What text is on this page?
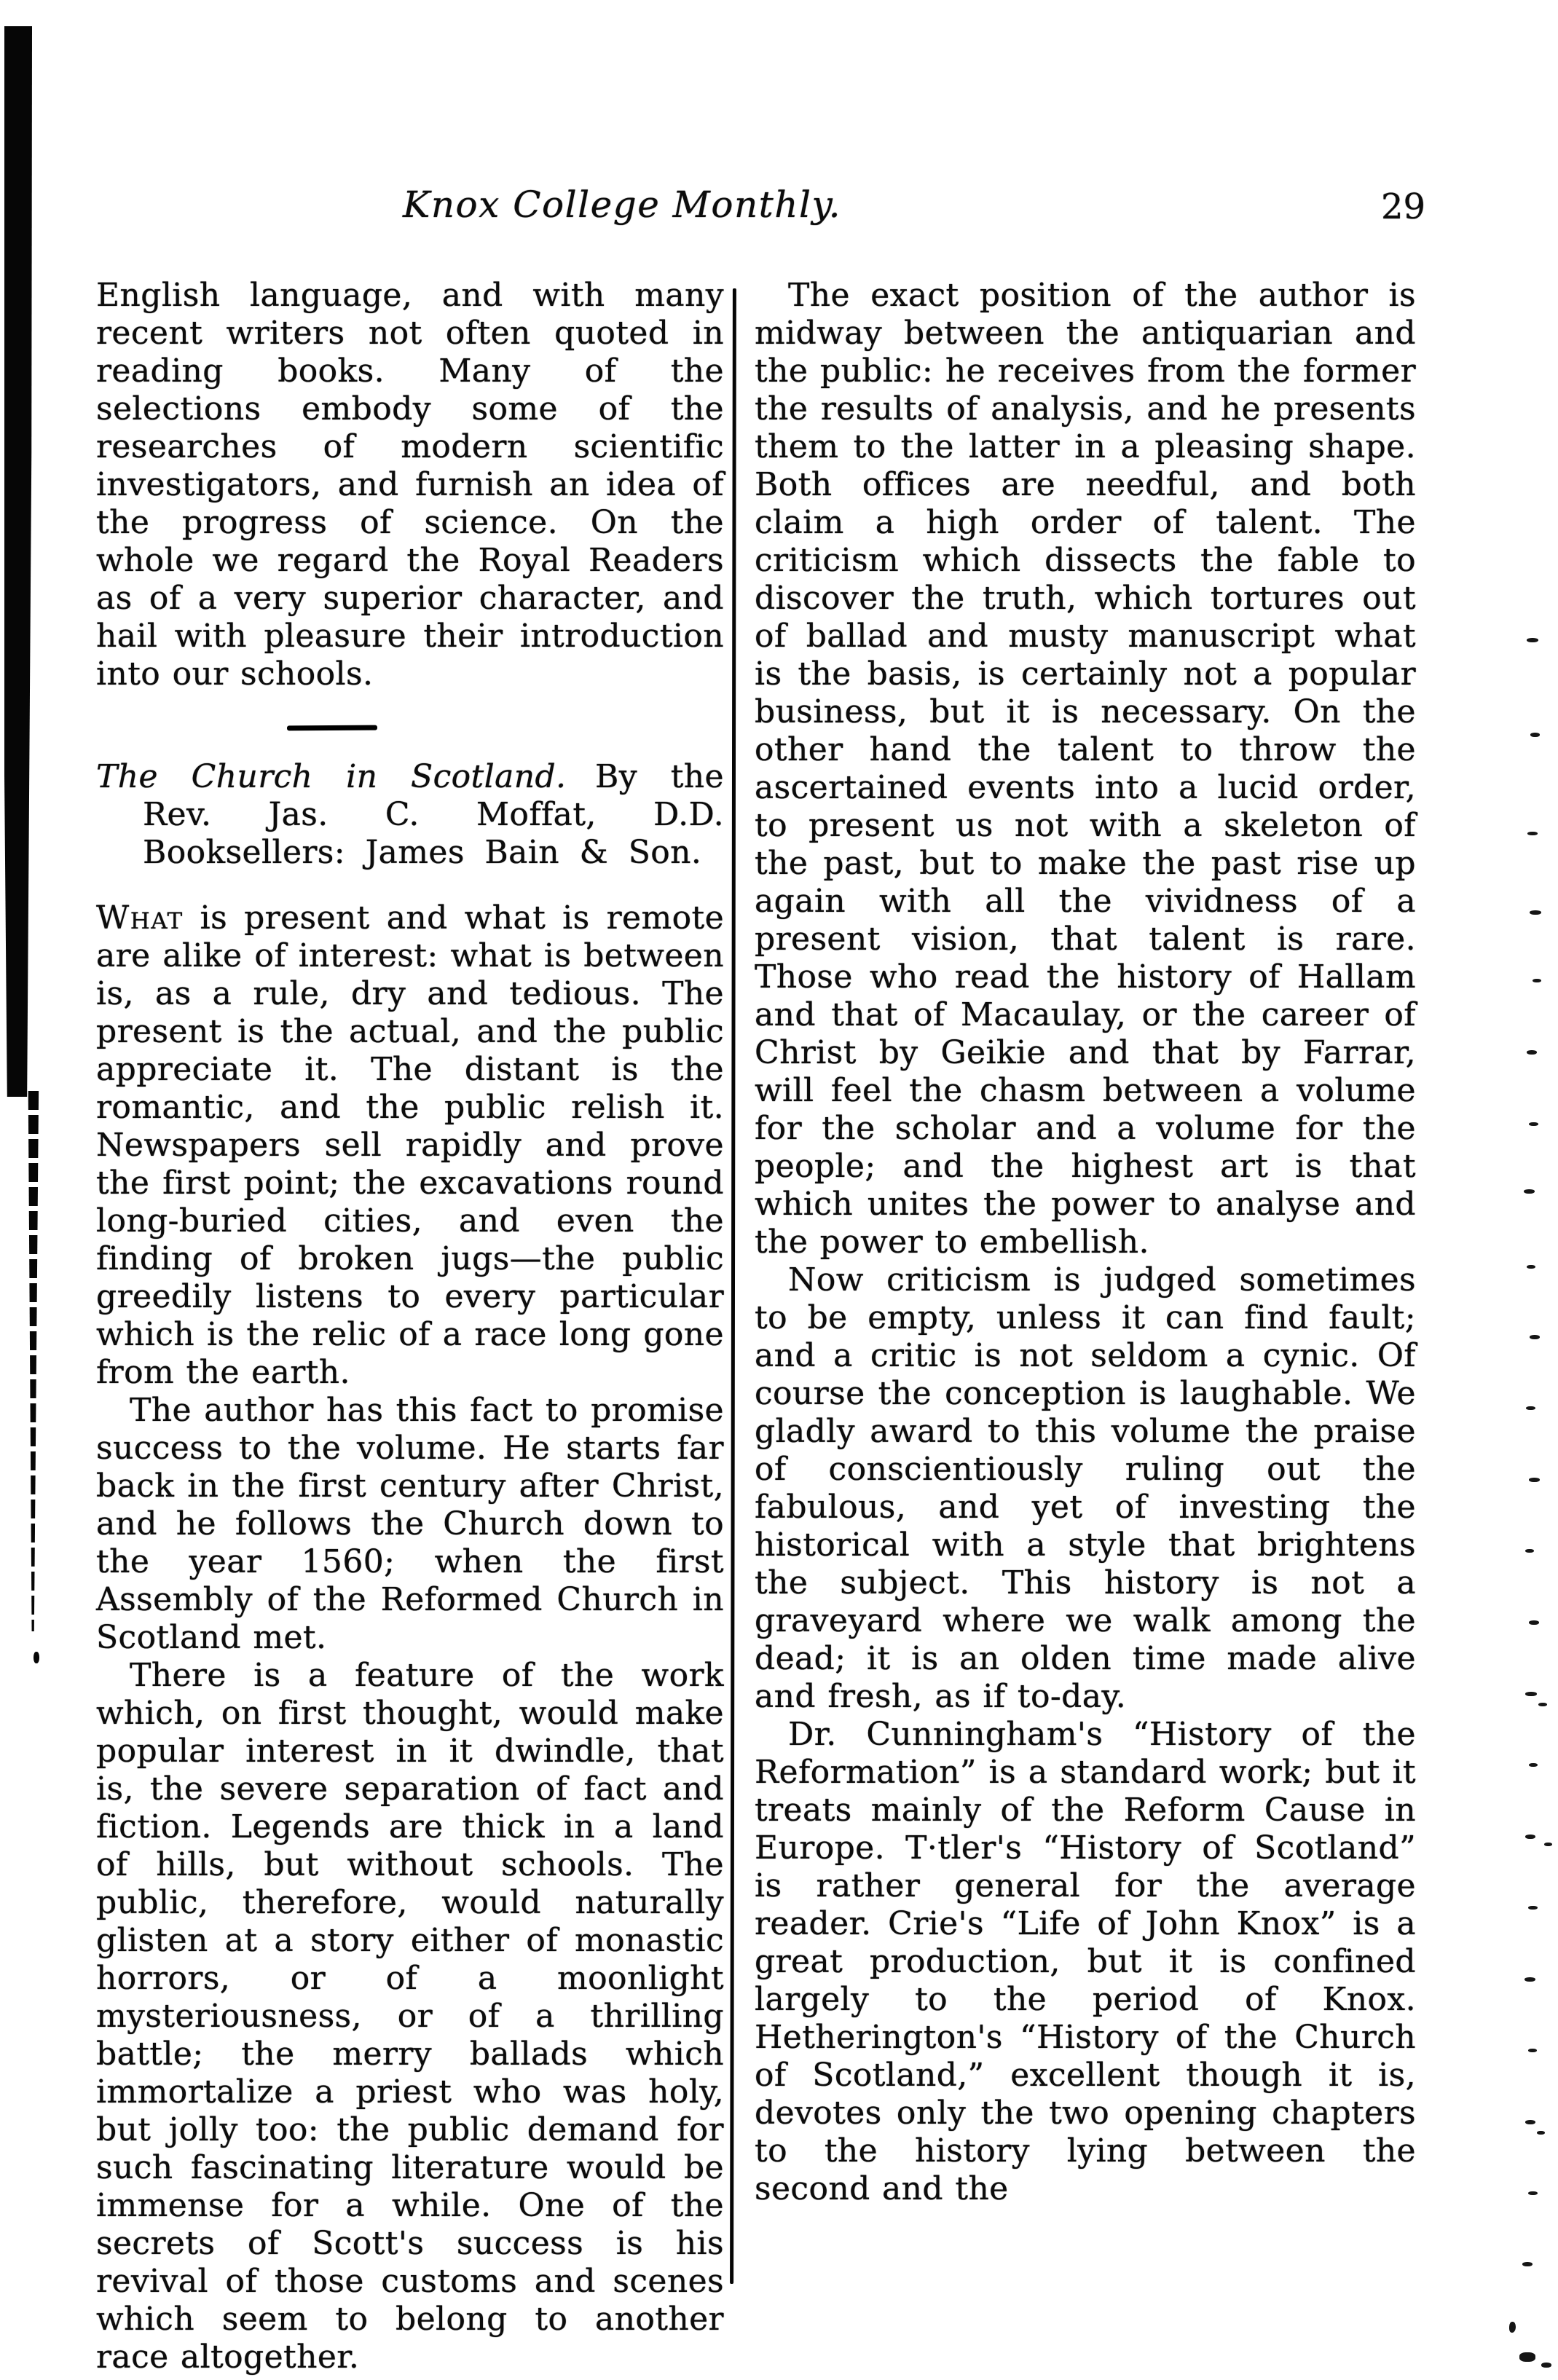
Knox College Monthly.	29

English language, and with many recent writers not often quoted in reading books. Many of the selections embody some of the researches of modern scientific investigators, and furnish an idea of the progress of science. On the whole we regard the Royal Readers as of a very superior character, and hail with pleasure their introduction into our schools.

The Church in Scotland. By the Rev. Jas. C. Moffat, D.D. Booksellers: James Bain & Son.

What is present and what is remote are alike of interest: what is between is, as a rule, dry and tedious. The present is the actual, and the public appreciate it. The distant is the romantic, and the public relish it. Newspapers sell rapidly and prove the first point; the excavations round long-buried cities, and even the finding of broken jugs—the public greedily listens to every particular which is the relic of a race long gone from the earth.

The author has this fact to promise success to the volume. He starts far back in the first century after Christ, and he follows the Church down to the year 1560; when the first Assembly of the Reformed Church in Scotland met.

There is a feature of the work which, on first thought, would make popular interest in it dwindle, that is, the severe separation of fact and fiction. Legends are thick in a land of hills, but without schools. The public, therefore, would naturally glisten at a story either of monastic horrors, or of a moonlight mysteriousness, or of a thrilling battle; the merry ballads which immortalize a priest who was holy, but jolly too: the public demand for such fascinating literature would be immense for a while. One of the secrets of Scott's success is his revival of those customs and scenes which seem to belong to another race altogether.

The exact position of the author is midway between the antiquarian and the public: he receives from the former the results of analysis, and he presents them to the latter in a pleasing shape. Both offices are needful, and both claim a high order of talent. The criticism which dissects the fable to discover the truth, which tortures out of ballad and musty manuscript what is the basis, is certainly not a popular business, but it is necessary. On the other hand the talent to throw the ascertained events into a lucid order, to present us not with a skeleton of the past, but to make the past rise up again with all the vividness of a present vision, that talent is rare. Those who read the history of Hallam and that of Macaulay, or the career of Christ by Geikie and that by Farrar, will feel the chasm between a volume for the scholar and a volume for the people; and the highest art is that which unites the power to analyse and the power to embellish.

Now criticism is judged sometimes to be empty, unless it can find fault; and a critic is not seldom a cynic. Of course the conception is laughable. We gladly award to this volume the praise of conscientiously ruling out the fabulous, and yet of investing the historical with a style that brightens the subject. This history is not a graveyard where we walk among the dead; it is an olden time made alive and fresh, as if to-day.

Dr. Cunningham's “History of the Reformation” is a standard work; but it treats mainly of the Reform Cause in Europe. T·tler's “History of Scotland” is rather general for the average reader. Crie's “Life of John Knox” is a great production, but it is confined largely to the period of Knox. Hetherington's “History of the Church of Scotland,” excellent though it is, devotes only the two opening chapters to the history lying between the second and the
